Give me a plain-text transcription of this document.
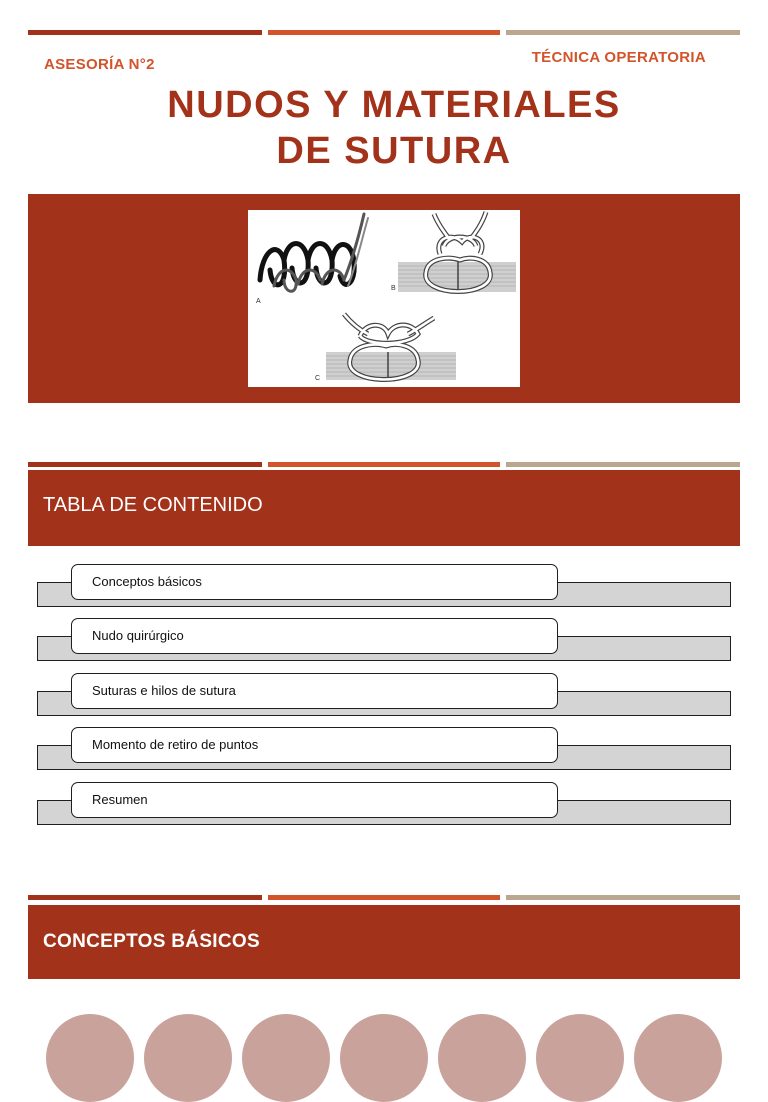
ASESORÍA N°2	TÉCNICA OPERATORIA
NUDOS Y MATERIALES
DE SUTURA
A
B
C
TABLA DE CONTENIDO
Conceptos básicos
Nudo quirúrgico
Suturas e hilos de sutura
Momento de retiro de puntos
Resumen
CONCEPTOS BÁSICOS
